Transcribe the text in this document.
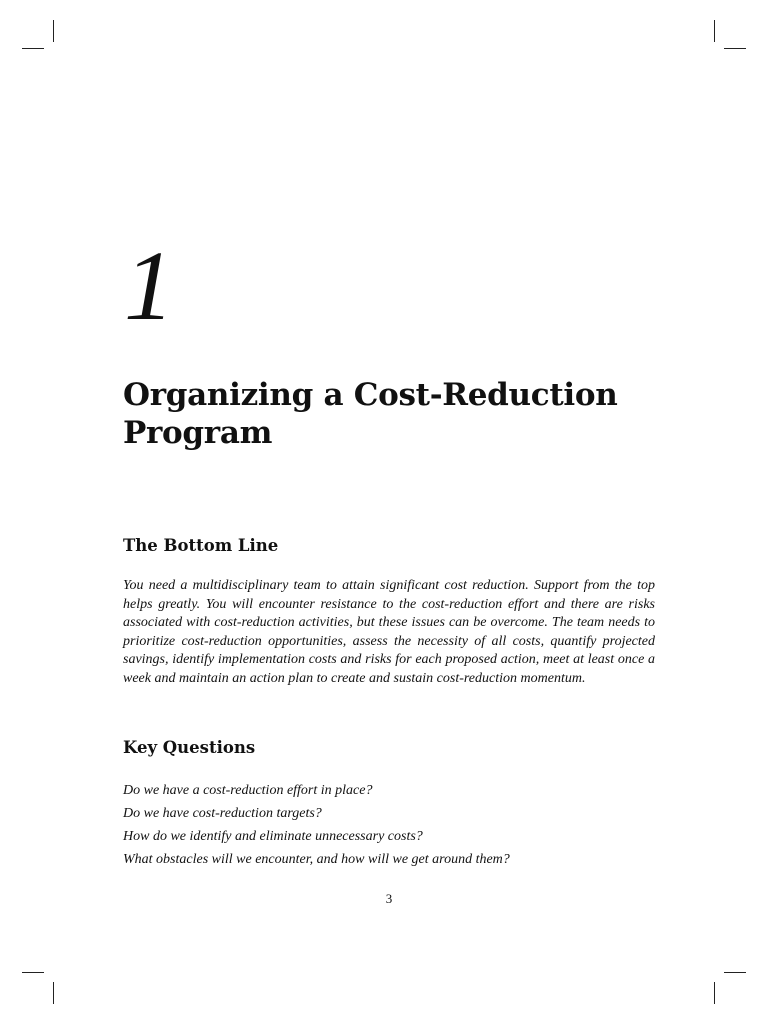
1
Organizing a Cost-Reduction Program
The Bottom Line

You need a multidisciplinary team to attain significant cost reduction. Support from the top helps greatly. You will encounter resistance to the cost-reduction effort and there are risks associated with cost-reduction activities, but these issues can be overcome. The team needs to prioritize cost-reduction opportunities, assess the necessity of all costs, quantify projected savings, identify implementation costs and risks for each proposed action, meet at least once a week and maintain an action plan to create and sustain cost-reduction momentum.

Key Questions
Do we have a cost-reduction effort in place?
Do we have cost-reduction targets?
How do we identify and eliminate unnecessary costs?
What obstacles will we encounter, and how will we get around them?
3
